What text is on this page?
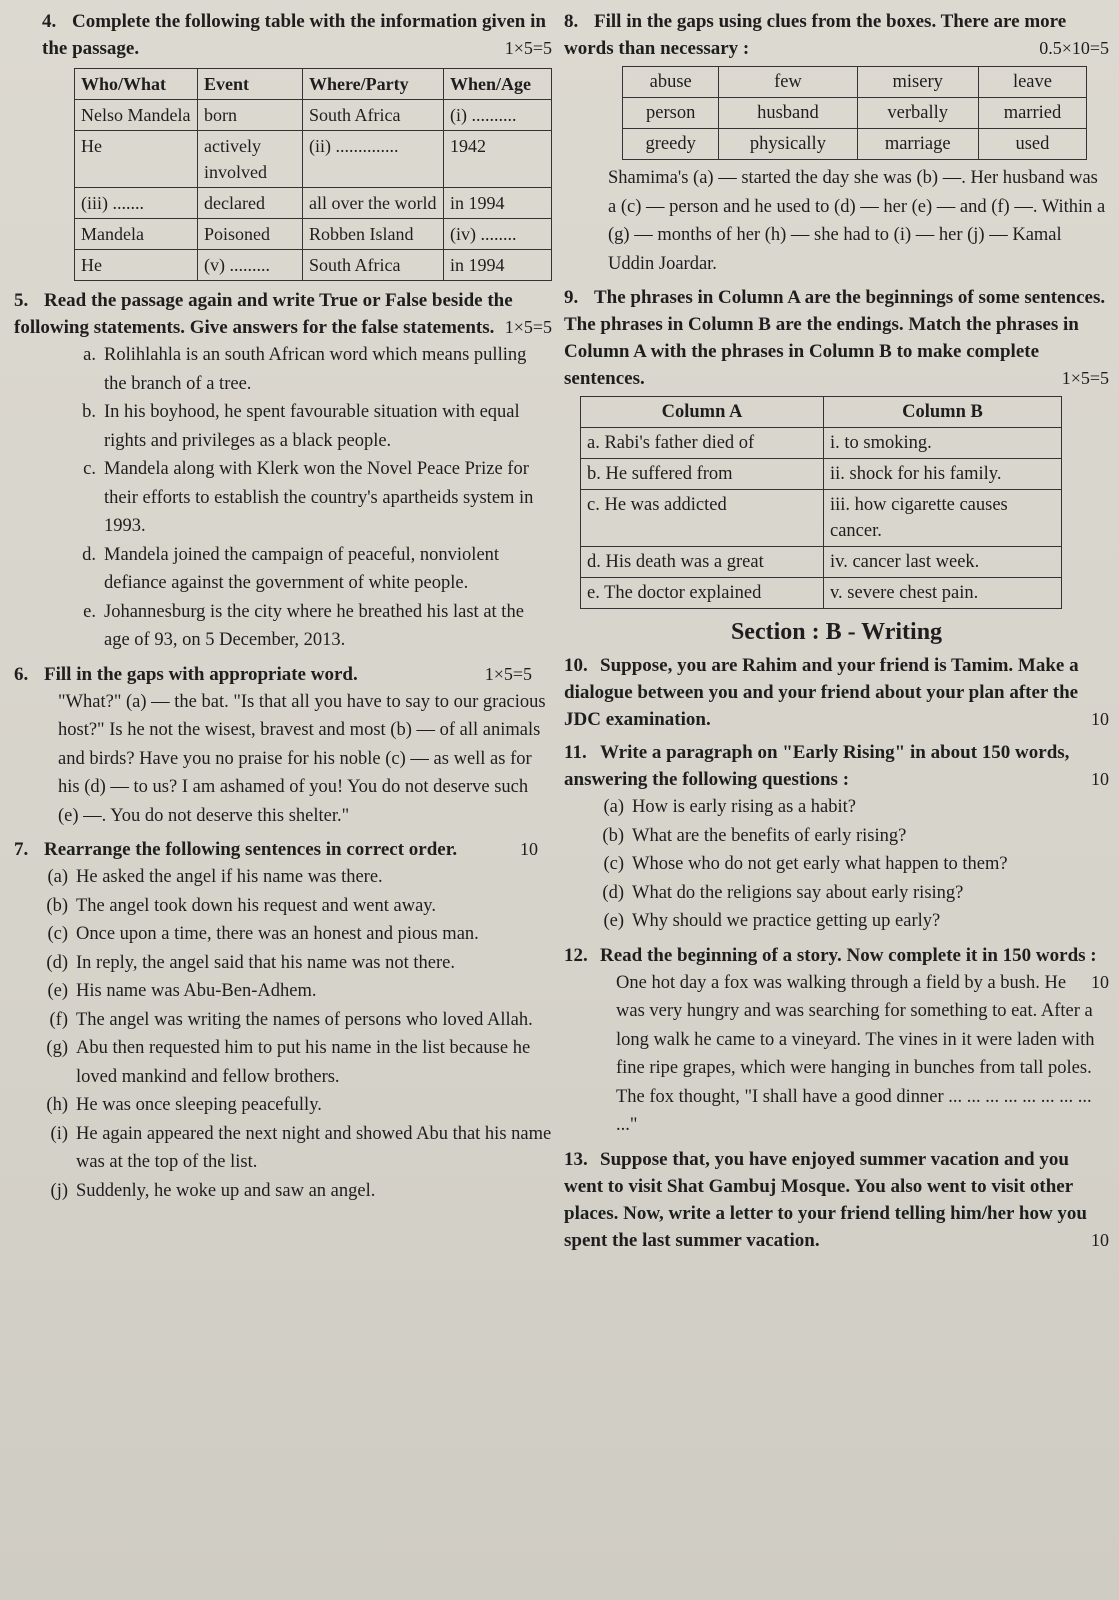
4. Complete the following table with the information given in the passage.	1×5=5

Who/What	Event	Where/Party	When/Age
Nelso Mandela	born	South Africa	(i) ..........
He	actively involved	(ii) ..............	1942
(iii) .......	declared	all over the world	in 1994
Mandela	Poisoned	Robben Island	(iv) ........
He	(v) .........	South Africa	in 1994

5. Read the passage again and write True or False beside the following statements. Give answers for the false statements. 1×5=5

a. Rolihlahla is an south African word which means pulling the branch of a tree.
b. In his boyhood, he spent favourable situation with equal rights and privileges as a black people.
c. Mandela along with Klerk won the Novel Peace Prize for their efforts to establish the country's apartheids system in 1993.
d. Mandela joined the campaign of peaceful, nonviolent defiance against the government of white people.
e. Johannesburg is the city where he breathed his last at the age of 93, on 5 December, 2013.

6. Fill in the gaps with appropriate word.	1×5=5

"What?" (a) — the bat. "Is that all you have to say to our gracious host?" Is he not the wisest, bravest and most (b) — of all animals and birds? Have you no praise for his noble (c) — as well as for his (d) — to us? I am ashamed of you! You do not deserve such (e) —. You do not deserve this shelter."

7. Rearrange the following sentences in correct order.	10

(a) He asked the angel if his name was there.
(b) The angel took down his request and went away.
(c) Once upon a time, there was an honest and pious man.
(d) In reply, the angel said that his name was not there.
(e) His name was Abu-Ben-Adhem.
(f) The angel was writing the names of persons who loved Allah.
(g) Abu then requested him to put his name in the list because he loved mankind and fellow brothers.
(h) He was once sleeping peacefully.
(i) He again appeared the next night and showed Abu that his name was at the top of the list.
(j) Suddenly, he woke up and saw an angel.

8. Fill in the gaps using clues from the boxes. There are more words than necessary :	0.5×10=5

abuse	few	misery	leave
person	husband	verbally	married
greedy	physically	marriage	used

Shamima's (a) — started the day she was (b) —. Her husband was a (c) — person and he used to (d) — her (e) — and (f) —. Within a (g) — months of her (h) — she had to (i) — her (j) — Kamal Uddin Joardar.

9. The phrases in Column A are the beginnings of some sentences. The phrases in Column B are the endings. Match the phrases in Column A with the phrases in Column B to make complete sentences.	1×5=5

Column A	Column B
a. Rabi's father died of	i. to smoking.
b. He suffered from	ii. shock for his family.
c. He was addicted	iii. how cigarette causes cancer.
d. His death was a great	iv. cancer last week.
e. The doctor explained	v. severe chest pain.
Section : B - Writing

10. Suppose, you are Rahim and your friend is Tamim. Make a dialogue between you and your friend about your plan after the JDC examination.	10

11. Write a paragraph on "Early Rising" in about 150 words, answering the following questions :	10

(a) How is early rising as a habit?
(b) What are the benefits of early rising?
(c) Whose who do not get early what happen to them?
(d) What do the religions say about early rising?
(e) Why should we practice getting up early?

12. Read the beginning of a story. Now complete it in 150 words :
10

One hot day a fox was walking through a field by a bush. He was very hungry and was searching for something to eat. After a long walk he came to a vineyard. The vines in it were laden with fine ripe grapes, which were hanging in bunches from tall poles. The fox thought, "I shall have a good dinner ... ... ... ... ... ... ... ... ..."

13. Suppose that, you have enjoyed summer vacation and you went to visit Shat Gambuj Mosque. You also went to visit other places. Now, write a letter to your friend telling him/her how you spent the last summer vacation.	10
